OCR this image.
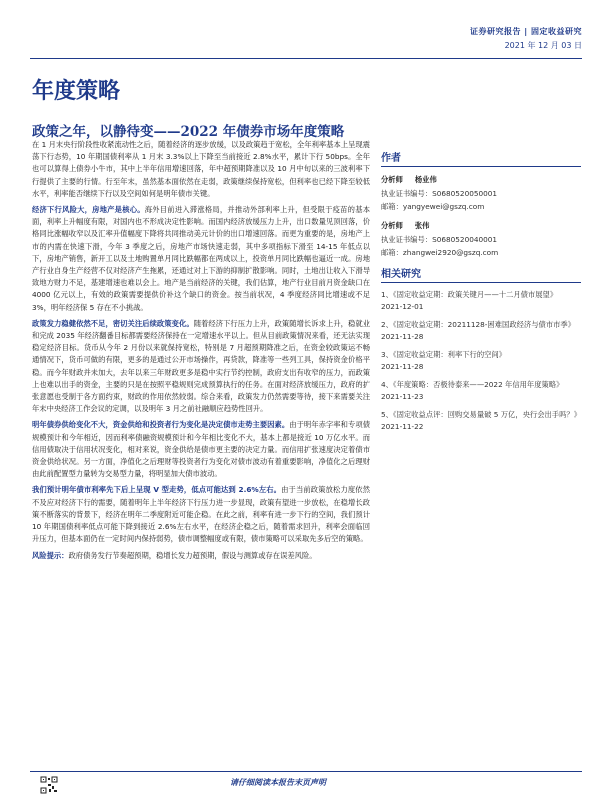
证券研究报告 | 固定收益研究
2021 年 12 月 03 日
年度策略
政策之年，以静待变——2022 年债券市场年度策略

在 1 月末央行阶段性收紧流动性之后，随着经济的逐步放缓，以及政策趋于宽松，全年利率基本上呈现震荡下行态势，10 年期国债利率从 1 月末 3.3%以上下降至当前接近 2.8%水平，累计下行 50bps。全年也可以算得上债券小牛市，其中上半年信用增速回落，年中超预期降准以及 10 月中旬以来的三波利率下行提供了主要的行情。行至年末，虽然基本面依然在走弱，政策继续保持宽松，但利率也已经下降至较低水平，利率能否继续下行以及空间如何是明年债市关键。

经济下行风险大，房地产是核心。海外目前进入滞涨格局，并推动外部利率上升，但受限于疫苗的基本面，利率上升幅度有限，对国内也不形成决定性影响。而国内经济放缓压力上升，出口数量见顶回落，价格同比涨幅收窄以及汇率升值幅度下降将共同推动美元计价的出口增速回落。而更为重要的是，房地产上市的内需在快速下滑，今年 3 季度之后，房地产市场快速走弱，其中多项指标下滑至 14-15 年低点以下，房地产销售，新开工以及土地购置单月同比跌幅都在两成以上，投资单月同比跌幅也逼近一成。房地产行业自身生产经营不仅对经济产生拖累，还通过对上下游的抑制扩散影响。同时，土地出让收入下滑导致地方财力不足，基建增速也难以会上。地产是当前经济的关键，我们估算，地产行业目前月资金缺口在 4000 亿元以上，有效的政策需要提供价补这个缺口的资金。按当前状况，4 季度经济同比增速或不足 3%，明年经济保 5 存在不小挑战。

政策发力稳健依然不足，密切关注后续政策变化。随着经济下行压力上升，政策随增长诉求上升，稳就业和完成 2035 年经济翻番目标都需要经济保持在一定增速水平以上。但从目前政策情况来看，还无法实现稳定经济目标。货币从今年 2 月份以来就保持宽松，特别是 7 月超预期降准之后，在资金较政策运不畅通情况下，货币可做的有限，更多的是通过公开市场操作，再贷款，降准等一些列工具，保持资金价格平稳。而今年财政并未加大，去年以来三年财政更多是稳中实行节约控制，政府支出有收窄的压力，而政策上也难以出手的资金，主要的只是在按照平稳规则完成预算执行的任务。在面对经济放缓压力，政府的扩张意愿也受制于各方面约束，财政的作用依然较弱。综合来看，政策发力仍然需要等待，接下来需要关注年末中央经济工作会议的定调，以及明年 3 月之前社融顺应趋势性回升。

明年债券供给变化不大，资金供给和投资者行为变化是决定债市走势主要因素。由于明年赤字率和专项债规模预计和今年相近，因而利率债融资规模预计和今年相比变化不大，基本上都是接近 10 万亿水平。而信用债取决于信用状况变化，相对来说，资金供给是债市更主要的决定力量。而信用扩张速度决定着债市资金供给状况。另一方面，净值化之后理财等投资者行为变化对债市波动有着重要影响，净值化之后理财由此前配置型力量转为交易型力量，将明显加大债市波动。

我们预计明年债市利率先下后上呈现 V 型走势，低点可能达到 2.6%左右。由于当前政策放松力度依然不及应对经济下行的需要，随着明年上半年经济下行压力进一步显现，政策有望进一步放松，在稳增长政策不断落实的背景下，经济在明年二季度附近可能企稳。在此之前，利率有进一步下行的空间，我们预计 10 年期国债利率低点可能下降到接近 2.6%左右水平，在经济企稳之后，随着需求回升，利率会面临回升压力，但基本面仍在一定时间内保持弱势，债市调整幅度或有限，债市策略可以采取先多后空的策略。

风险提示：政府债务发行节奏超预期，稳增长发力超预期，假设与测算或存在误差风险。

作者
分析师 杨业伟
执业证书编号：S0680520050001
邮箱：yangyewei@gszq.com
分析师 张伟
执业证书编号：S0680520040001
邮箱：zhangwei2920@gszq.com
相关研究
1、《固定收益定期：政策关键月——十二月债市展望》
2021-12-01
2、《固定收益定期：20211128-困难国政经济与债市市季》
2021-11-28
3、《固定收益定期：利率下行的空间》
2021-11-28
4、《年度策略：否极待泰来——2022 年信用年度策略》
2021-11-23
5、《固定收益点评：回购交易量破 5 万亿，央行会出手吗？》
2021-11-22
请仔细阅读本报告末页声明
